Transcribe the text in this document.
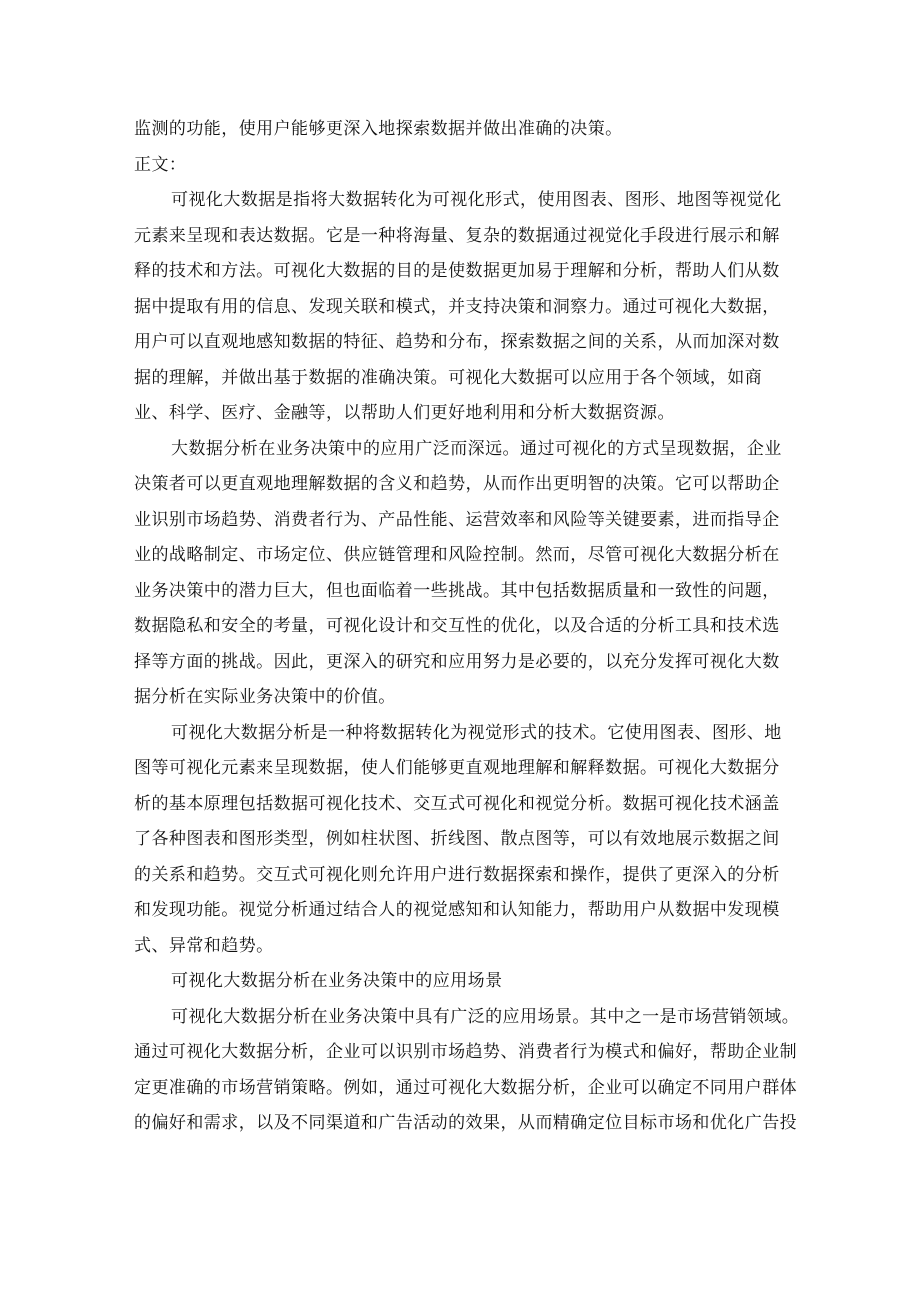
监测的功能，使用户能够更深入地探索数据并做出准确的决策。

正文：

可视化大数据是指将大数据转化为可视化形式，使用图表、图形、地图等视觉化

元素来呈现和表达数据。它是一种将海量、复杂的数据通过视觉化手段进行展示和解

释的技术和方法。可视化大数据的目的是使数据更加易于理解和分析，帮助人们从数

据中提取有用的信息、发现关联和模式，并支持决策和洞察力。通过可视化大数据，

用户可以直观地感知数据的特征、趋势和分布，探索数据之间的关系，从而加深对数

据的理解，并做出基于数据的准确决策。可视化大数据可以应用于各个领域，如商

业、科学、医疗、金融等，以帮助人们更好地利用和分析大数据资源。

大数据分析在业务决策中的应用广泛而深远。通过可视化的方式呈现数据，企业

决策者可以更直观地理解数据的含义和趋势，从而作出更明智的决策。它可以帮助企

业识别市场趋势、消费者行为、产品性能、运营效率和风险等关键要素，进而指导企

业的战略制定、市场定位、供应链管理和风险控制。然而，尽管可视化大数据分析在

业务决策中的潜力巨大，但也面临着一些挑战。其中包括数据质量和一致性的问题，

数据隐私和安全的考量，可视化设计和交互性的优化，以及合适的分析工具和技术选

择等方面的挑战。因此，更深入的研究和应用努力是必要的，以充分发挥可视化大数

据分析在实际业务决策中的价值。

可视化大数据分析是一种将数据转化为视觉形式的技术。它使用图表、图形、地

图等可视化元素来呈现数据，使人们能够更直观地理解和解释数据。可视化大数据分

析的基本原理包括数据可视化技术、交互式可视化和视觉分析。数据可视化技术涵盖

了各种图表和图形类型，例如柱状图、折线图、散点图等，可以有效地展示数据之间

的关系和趋势。交互式可视化则允许用户进行数据探索和操作，提供了更深入的分析

和发现功能。视觉分析通过结合人的视觉感知和认知能力，帮助用户从数据中发现模

式、异常和趋势。

可视化大数据分析在业务决策中的应用场景

可视化大数据分析在业务决策中具有广泛的应用场景。其中之一是市场营销领域。

通过可视化大数据分析，企业可以识别市场趋势、消费者行为模式和偏好，帮助企业制

定更准确的市场营销策略。例如，通过可视化大数据分析，企业可以确定不同用户群体

的偏好和需求，以及不同渠道和广告活动的效果，从而精确定位目标市场和优化广告投
